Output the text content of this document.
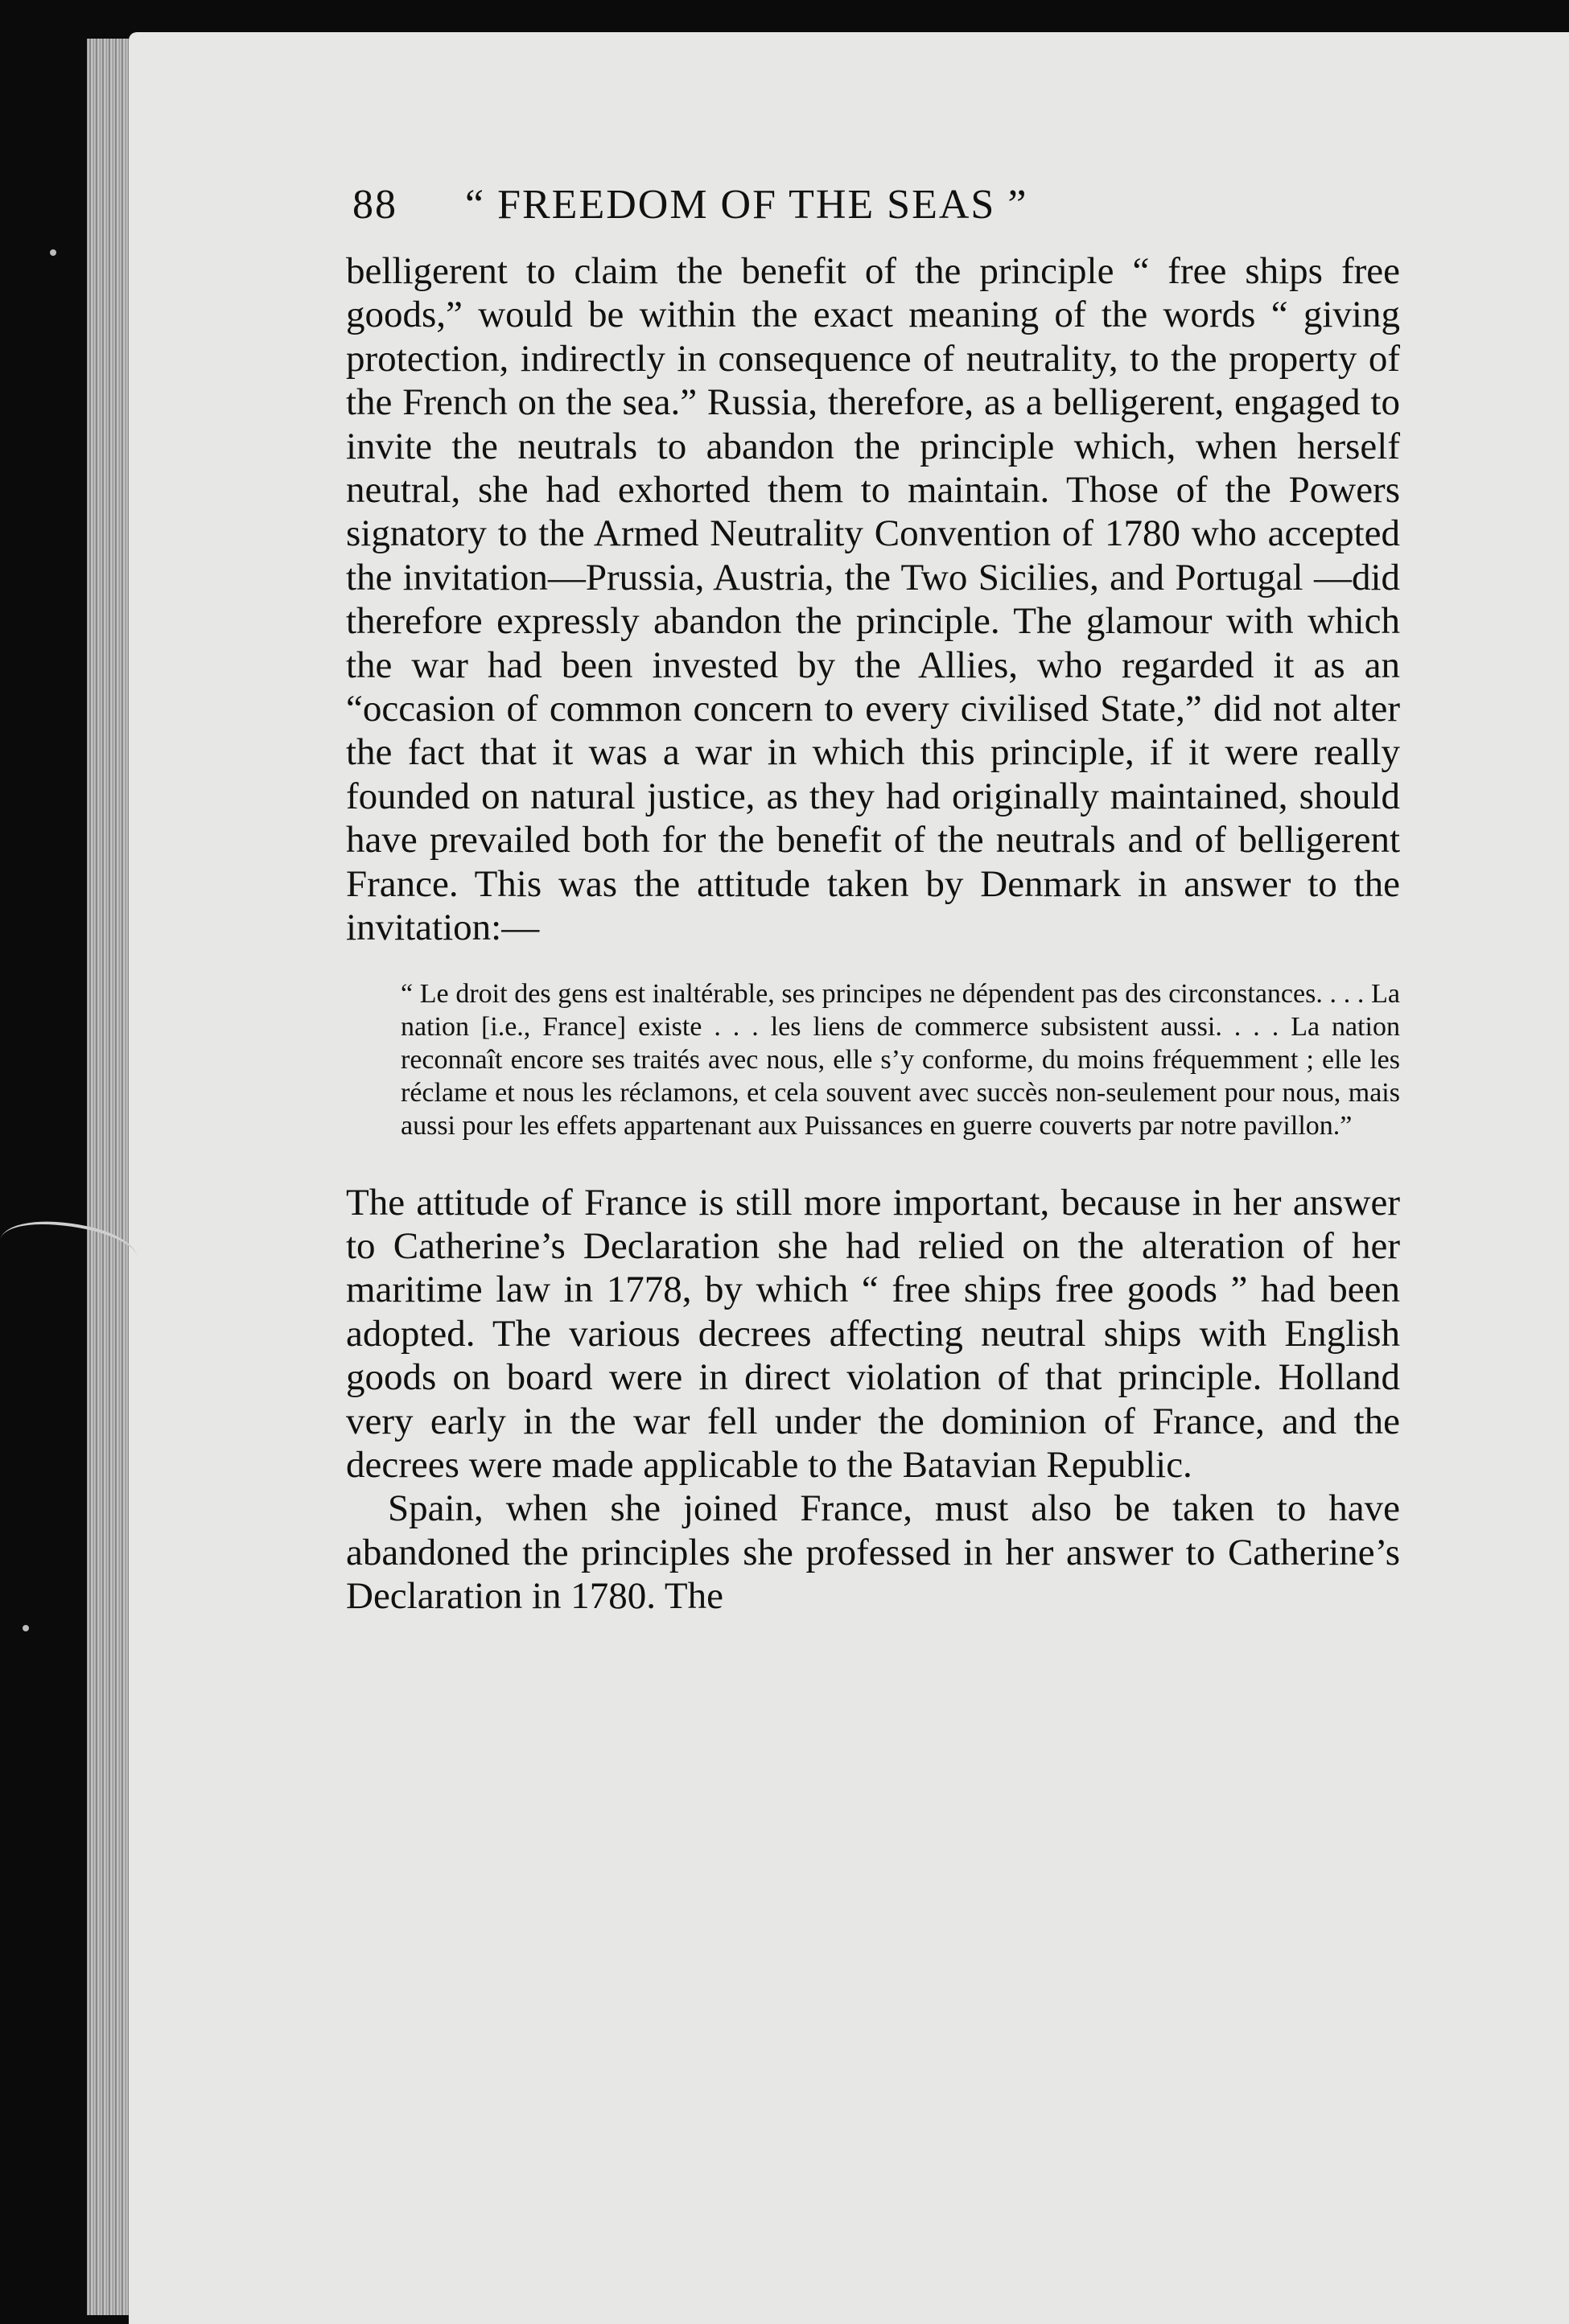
88	“ FREEDOM OF THE SEAS ”

belligerent to claim the benefit of the principle “ free ships free goods,” would be within the exact meaning of the words “ giving protection, indirectly in consequence of neutrality, to the property of the French on the sea.” Russia, therefore, as a belligerent, engaged to invite the neutrals to abandon the principle which, when herself neutral, she had exhorted them to maintain. Those of the Powers signatory to the Armed Neutrality Convention of 1780 who accepted the invitation—Prussia, Austria, the Two Sicilies, and Portugal —did therefore expressly abandon the principle. The glamour with which the war had been invested by the Allies, who regarded it as an “occasion of common concern to every civilised State,” did not alter the fact that it was a war in which this principle, if it were really founded on natural justice, as they had originally maintained, should have prevailed both for the benefit of the neutrals and of belligerent France. This was the attitude taken by Denmark in answer to the invitation:—

“ Le droit des gens est inaltérable, ses principes ne dépendent pas des circonstances. . . . La nation [i.e., France] existe . . . les liens de commerce subsistent aussi. . . . La nation reconnaît encore ses traités avec nous, elle s’y conforme, du moins fréquemment ; elle les réclame et nous les réclamons, et cela souvent avec succès non-seulement pour nous, mais aussi pour les effets appartenant aux Puissances en guerre couverts par notre pavillon.”

The attitude of France is still more important, because in her answer to Catherine’s Declaration she had relied on the alteration of her maritime law in 1778, by which “ free ships free goods ” had been adopted. The various decrees affecting neutral ships with English goods on board were in direct violation of that principle. Holland very early in the war fell under the dominion of France, and the decrees were made applicable to the Batavian Republic.

Spain, when she joined France, must also be taken to have abandoned the principles she professed in her answer to Catherine’s Declaration in 1780. The
